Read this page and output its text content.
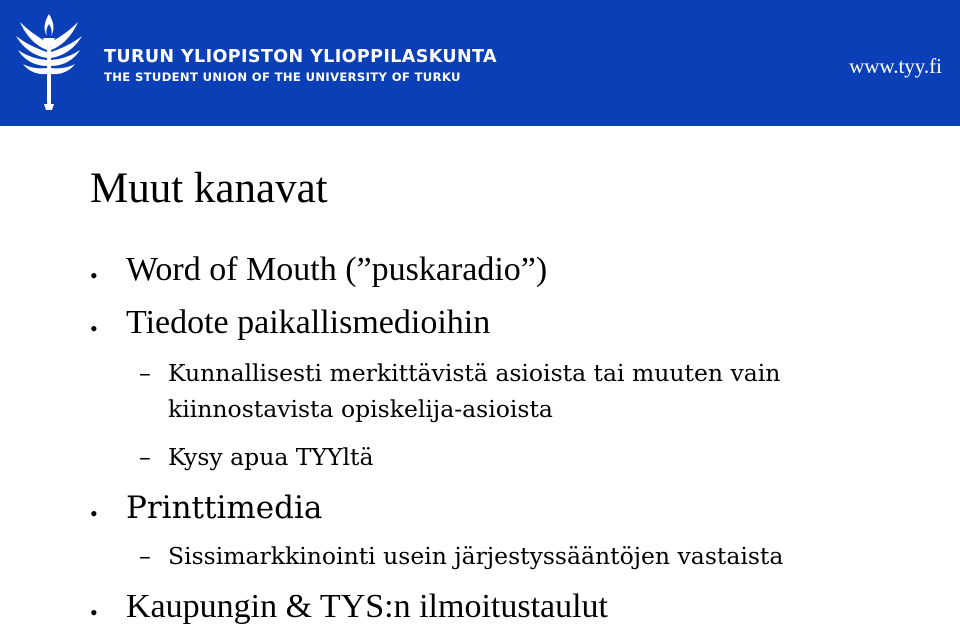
TURUN YLIOPISTON YLIOPPILASKUNTA
THE STUDENT UNION OF THE UNIVERSITY OF TURKU	www.tyy.fi
Muut kanavat
• Word of Mouth (”puskaradio”)
• Tiedote paikallismedioihin
– Kunnallisesti merkittävistä asioista tai muuten vain
kiinnostavista opiskelija-asioista
– Kysy apua TYYltä
• Printtimedia
– Sissimarkkinointi usein järjestyssääntöjen vastaista
• Kaupungin & TYS:n ilmoitustaulut
